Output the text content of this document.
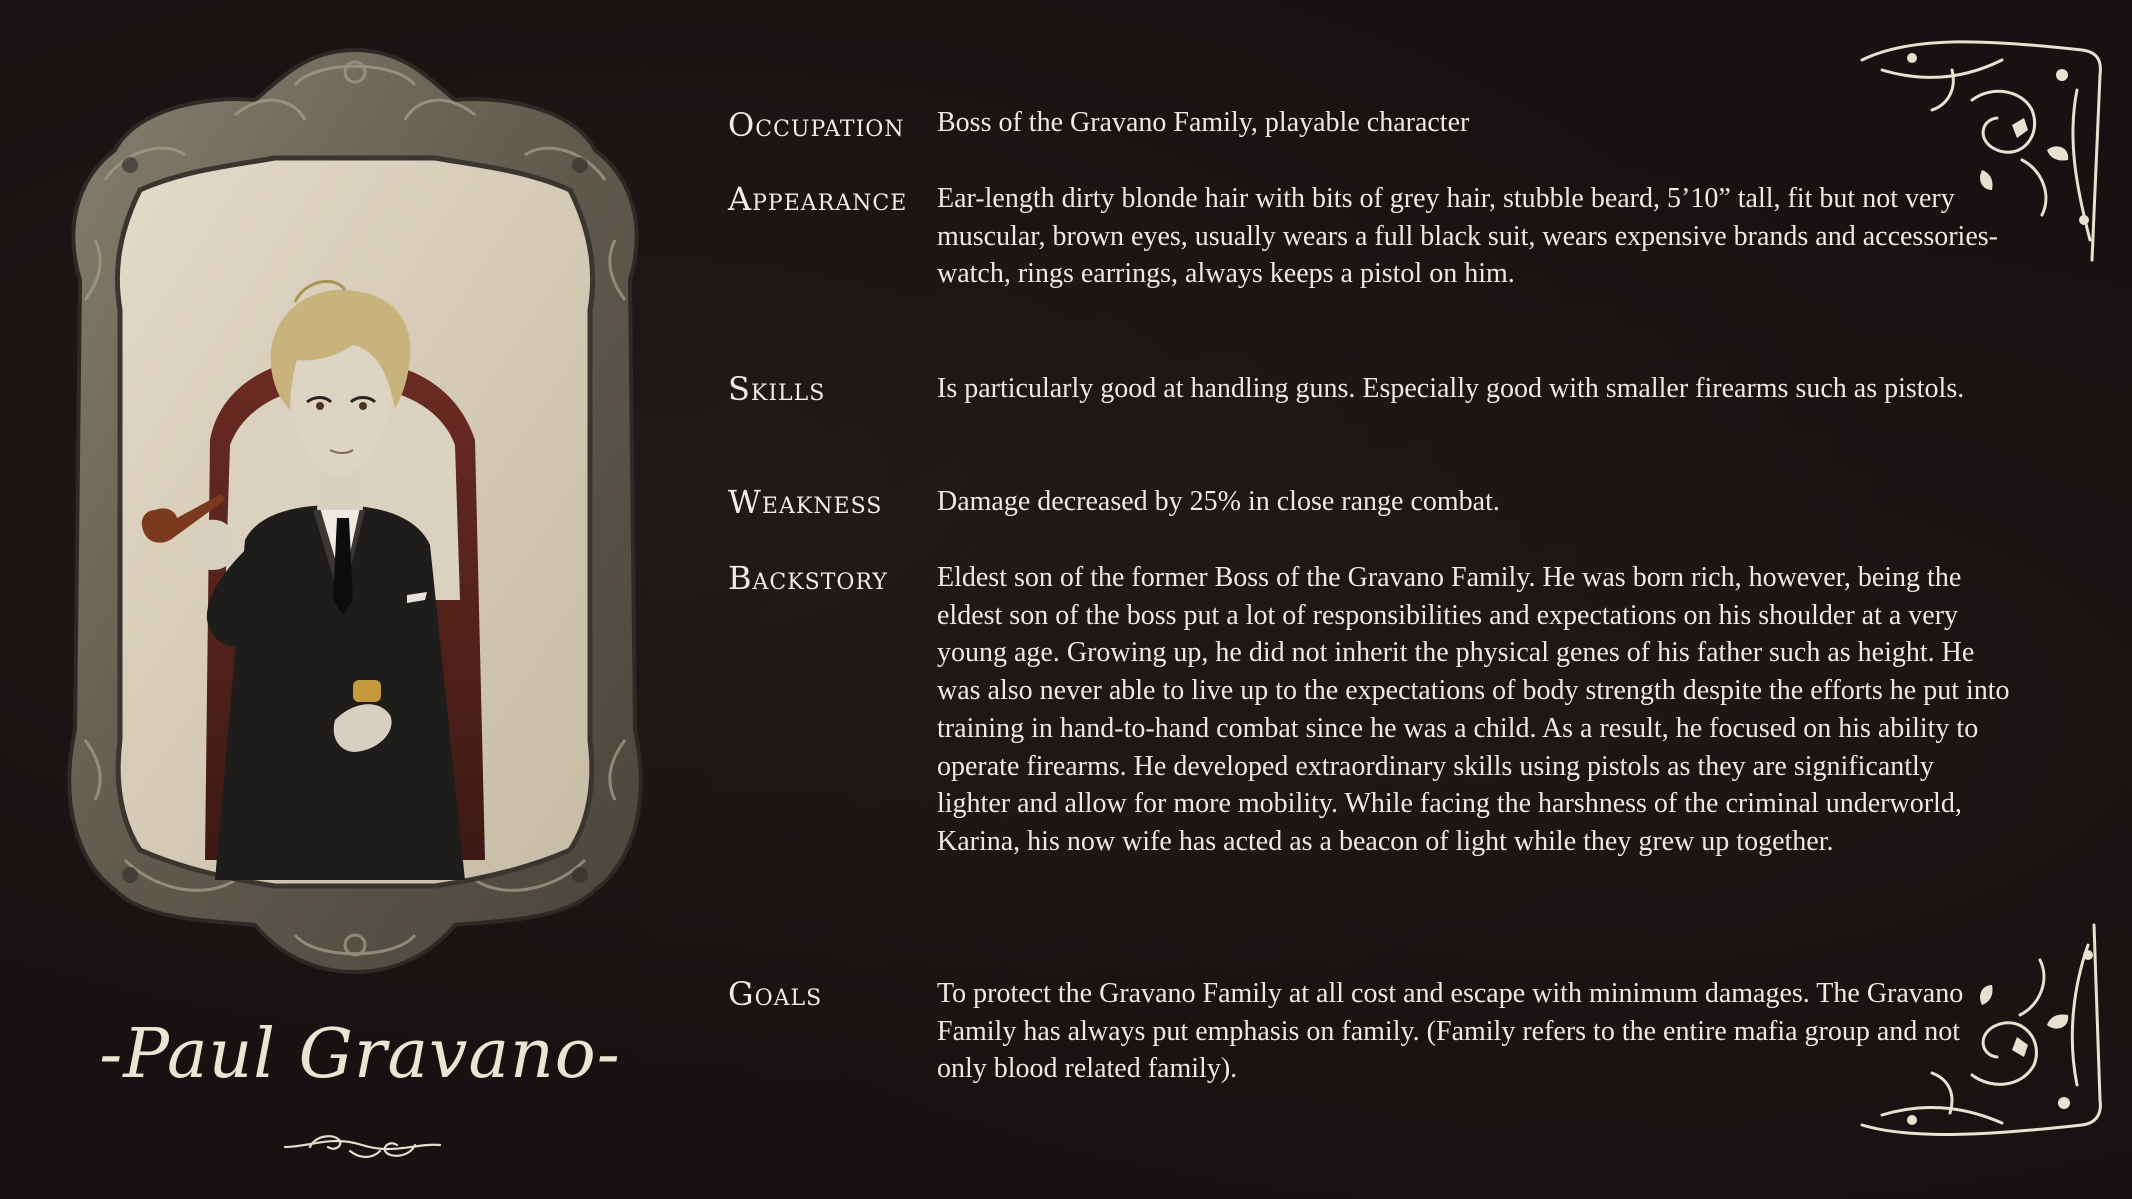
-Paul Gravano-
Occupation	Boss of the Gravano Family, playable character
Appearance	Ear-length dirty blonde hair with bits of grey hair, stubble beard, 5’10” tall, fit but not very muscular, brown eyes, usually wears a full black suit, wears expensive brands and accessories- watch, rings earrings, always keeps a pistol on him.
Skills	Is particularly good at handling guns. Especially good with smaller firearms such as pistols.
Weakness	Damage decreased by 25% in close range combat.
Backstory	Eldest son of the former Boss of the Gravano Family. He was born rich, however, being the eldest son of the boss put a lot of responsibilities and expectations on his shoulder at a very young age. Growing up, he did not inherit the physical genes of his father such as height. He was also never able to live up to the expectations of body strength despite the efforts he put into training in hand-to-hand combat since he was a child. As a result, he focused on his ability to operate firearms. He developed extraordinary skills using pistols as they are significantly lighter and allow for more mobility. While facing the harshness of the criminal underworld, Karina, his now wife has acted as a beacon of light while they grew up together.
Goals	To protect the Gravano Family at all cost and escape with minimum damages. The Gravano Family has always put emphasis on family. (Family refers to the entire mafia group and not only blood related family).
